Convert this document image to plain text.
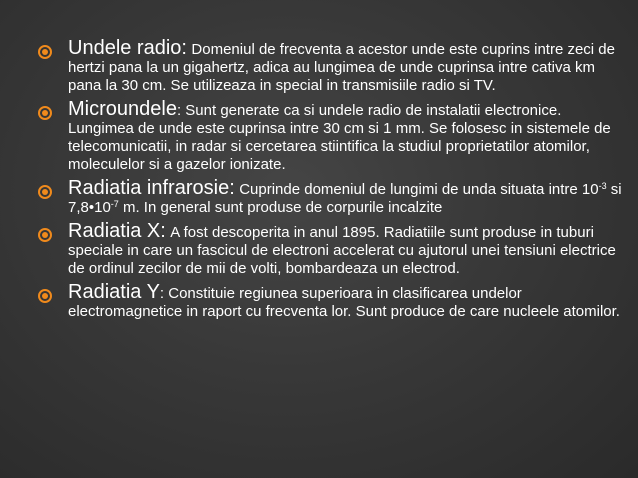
Undele radio: Domeniul de frecventa a acestor unde este cuprins intre zeci de hertzi pana la un gigahertz, adica au lungimea de unde cuprinsa intre cativa km pana la 30 cm. Se utilizeaza in special in transmisiile radio si TV.
Microundele: Sunt generate ca si undele radio de instalatii electronice. Lungimea de unde este cuprinsa intre 30 cm si 1 mm. Se folosesc in sistemele de telecomunicatii, in radar si cercetarea stiintifica la studiul proprietatilor atomilor, moleculelor si a gazelor ionizate.
Radiatia infrarosie: Cuprinde domeniul de lungimi de unda situata intre $10^{-3}$ si $7,8•10^{-7}$ m. In general sunt produse de corpurile incalzite
Radiatia X: A fost descoperita in anul 1895. Radiatiile sunt produse in tuburi speciale in care un fascicul de electroni accelerat cu ajutorul unei tensiuni electrice de ordinul zecilor de mii de volti, bombardeaza un electrod.
Radiatia Y: Constituie regiunea superioara in clasificarea undelor electromagnetice in raport cu frecventa lor. Sunt produce de care nucleele atomilor.
